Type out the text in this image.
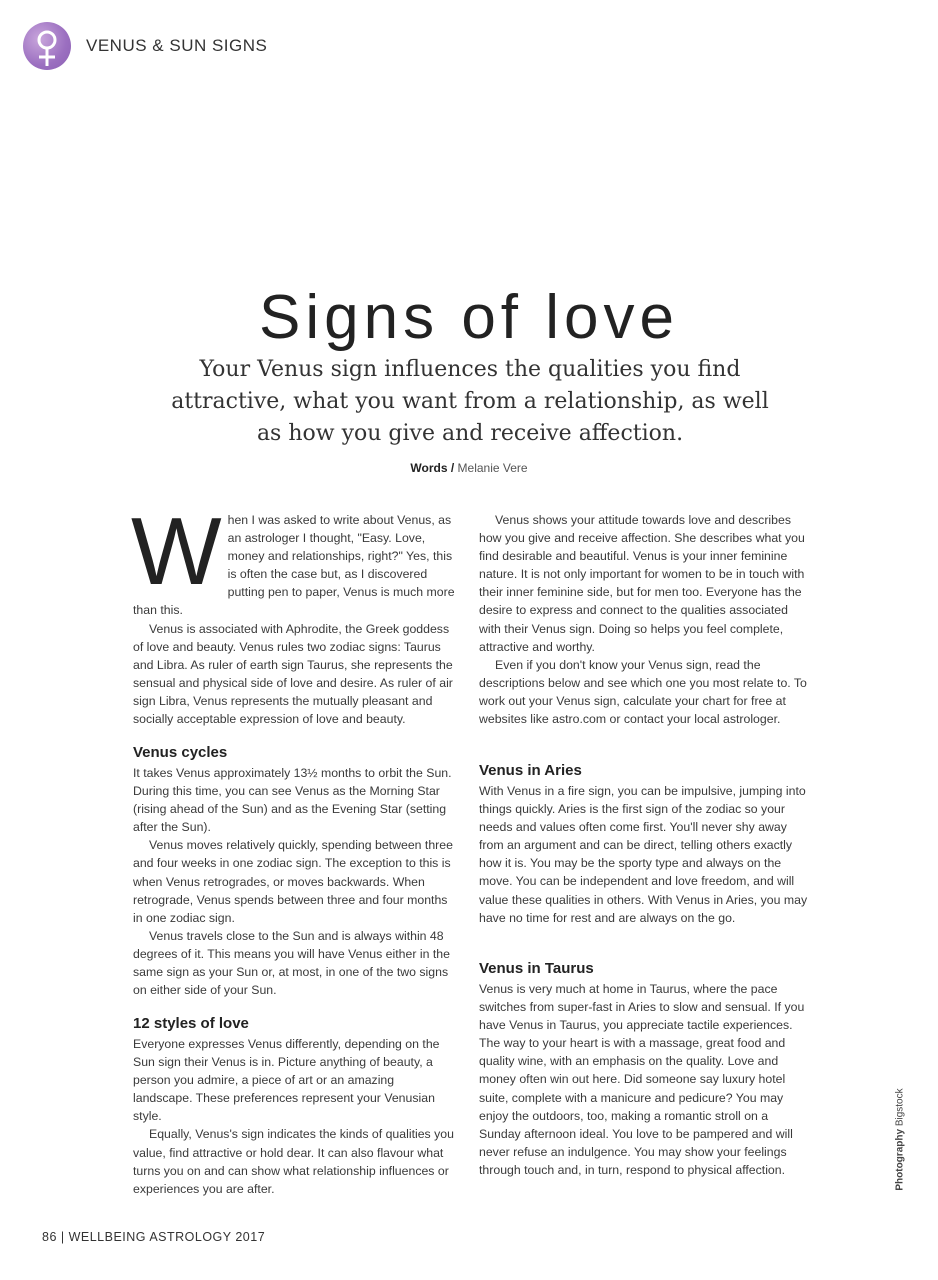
VENUS & SUN SIGNS
Signs of love
Your Venus sign influences the qualities you find attractive, what you want from a relationship, as well as how you give and receive affection.
Words / Melanie Vere
W hen I was asked to write about Venus, as an astrologer I thought, "Easy. Love, money and relationships, right?" Yes, this is often the case but, as I discovered putting pen to paper, Venus is much more than this.

Venus is associated with Aphrodite, the Greek goddess of love and beauty. Venus rules two zodiac signs: Taurus and Libra. As ruler of earth sign Taurus, she represents the sensual and physical side of love and desire. As ruler of air sign Libra, Venus represents the mutually pleasant and socially acceptable expression of love and beauty.

Venus cycles

It takes Venus approximately 13½ months to orbit the Sun. During this time, you can see Venus as the Morning Star (rising ahead of the Sun) and as the Evening Star (setting after the Sun).

Venus moves relatively quickly, spending between three and four weeks in one zodiac sign. The exception to this is when Venus retrogrades, or moves backwards. When retrograde, Venus spends between three and four months in one zodiac sign.

Venus travels close to the Sun and is always within 48 degrees of it. This means you will have Venus either in the same sign as your Sun or, at most, in one of the two signs on either side of your Sun.

12 styles of love

Everyone expresses Venus differently, depending on the Sun sign their Venus is in. Picture anything of beauty, a person you admire, a piece of art or an amazing landscape. These preferences represent your Venusian style.

Equally, Venus's sign indicates the kinds of qualities you value, find attractive or hold dear. It can also flavour what turns you on and can show what relationship influences or experiences you are after.

Venus shows your attitude towards love and describes how you give and receive affection. She describes what you find desirable and beautiful. Venus is your inner feminine nature. It is not only important for women to be in touch with their inner feminine side, but for men too. Everyone has the desire to express and connect to the qualities associated with their Venus sign. Doing so helps you feel complete, attractive and worthy.

Even if you don't know your Venus sign, read the descriptions below and see which one you most relate to. To work out your Venus sign, calculate your chart for free at websites like astro.com or contact your local astrologer.

Venus in Aries

With Venus in a fire sign, you can be impulsive, jumping into things quickly. Aries is the first sign of the zodiac so your needs and values often come first. You'll never shy away from an argument and can be direct, telling others exactly how it is. You may be the sporty type and always on the move. You can be independent and love freedom, and will value these qualities in others. With Venus in Aries, you may have no time for rest and are always on the go.

Venus in Taurus

Venus is very much at home in Taurus, where the pace switches from super-fast in Aries to slow and sensual. If you have Venus in Taurus, you appreciate tactile experiences. The way to your heart is with a massage, great food and quality wine, with an emphasis on the quality. Love and money often win out here. Did someone say luxury hotel suite, complete with a manicure and pedicure? You may enjoy the outdoors, too, making a romantic stroll on a Sunday afternoon ideal. You love to be pampered and will never refuse an indulgence. You may show your feelings through touch and, in turn, respond to physical affection.	Photography Bigstock
86 | WELLBEING ASTROLOGY 2017
